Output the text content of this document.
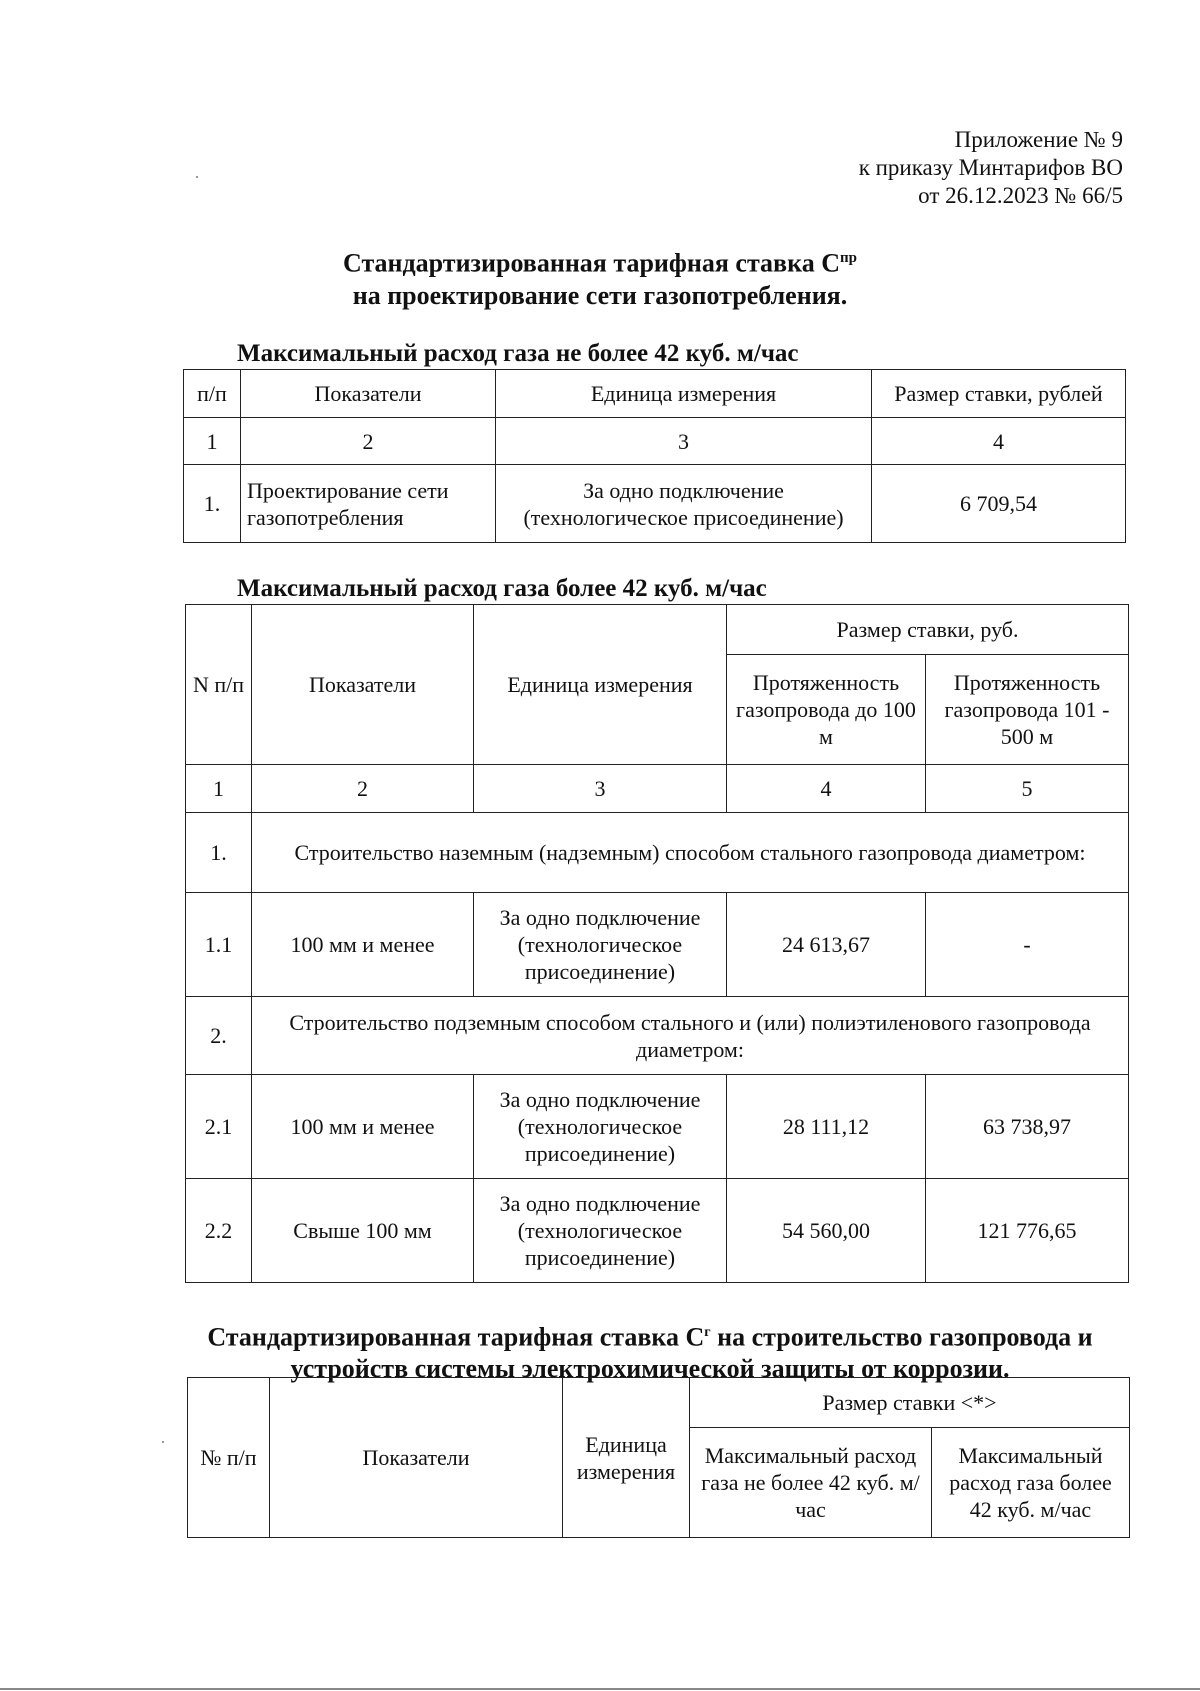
Приложение № 9
к приказу Минтарифов ВО
от 26.12.2023 № 66/5
Стандартизированная тарифная ставка $С^{пр}$
на проектирование сети газопотребления.
Максимальный расход газа не более 42 куб. м/час
п/п	Показатели	Единица измерения	Размер ставки, рублей
1	2	3	4
1.	Проектирование сети газопотребления	За одно подключение (технологическое присоединение)	6 709,54
Максимальный расход газа более 42 куб. м/час
N п/п	Показатели	Единица измерения	Размер ставки, руб.	
			Протяженность газопровода до 100 м	Протяженность газопровода 101 - 500 м
1	2	3	4	5
1.	Строительство наземным (надземным) способом стального газопровода диаметром:			
1.1	100 мм и менее	За одно подключение (технологическое присоединение)	24 613,67	-
2.	Строительство подземным способом стального и (или) полиэтиленового газопровода диаметром:			
2.1	100 мм и менее	За одно подключение (технологическое присоединение)	28 111,12	63 738,97
2.2	Свыше 100 мм	За одно подключение (технологическое присоединение)	54 560,00	121 776,65
Стандартизированная тарифная ставка $С^г$ на строительство газопровода и устройств системы электрохимической защиты от коррозии.
№ п/п	Показатели	Единица измерения	Размер ставки <*>	
			Максимальный расход газа не более 42 куб. м/час	Максимальный расход газа более 42 куб. м/час
